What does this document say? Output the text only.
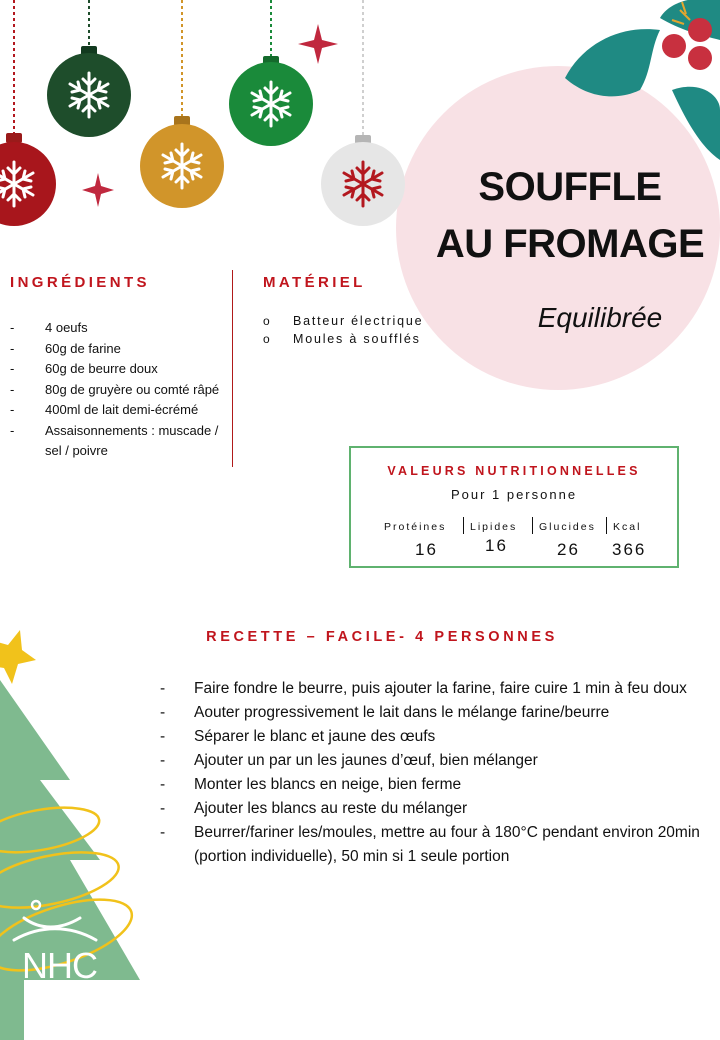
SOUFFLE
AU FROMAGE
Equilibrée
INGRÉDIENTS
- 4 oeufs
- 60g de farine
- 60g de beurre doux
- 80g de gruyère ou comté râpé
- 400ml de lait demi-écrémé
- Assaisonnements : muscade / sel / poivre
MATÉRIEL
o Batteur électrique
o Moules à soufflés
VALEURS NUTRITIONNELLES
Pour 1 personne
Protéines Lipides Glucides Kcal
16	16	26 366
RECETTE – FACILE- 4 PERSONNES
- Faire fondre le beurre, puis ajouter la farine, faire cuire 1 min à feu doux
- Aouter progressivement le lait dans le mélange farine/beurre
- Séparer le blanc et jaune des œufs
- Ajouter un par un les jaunes d’œuf, bien mélanger
- Monter les blancs en neige, bien ferme
- Ajouter les blancs au reste du mélanger
- Beurrer/fariner les/moules, mettre au four à 180°C pendant environ 20min (portion individuelle), 50 min si 1 seule portion
NHC
